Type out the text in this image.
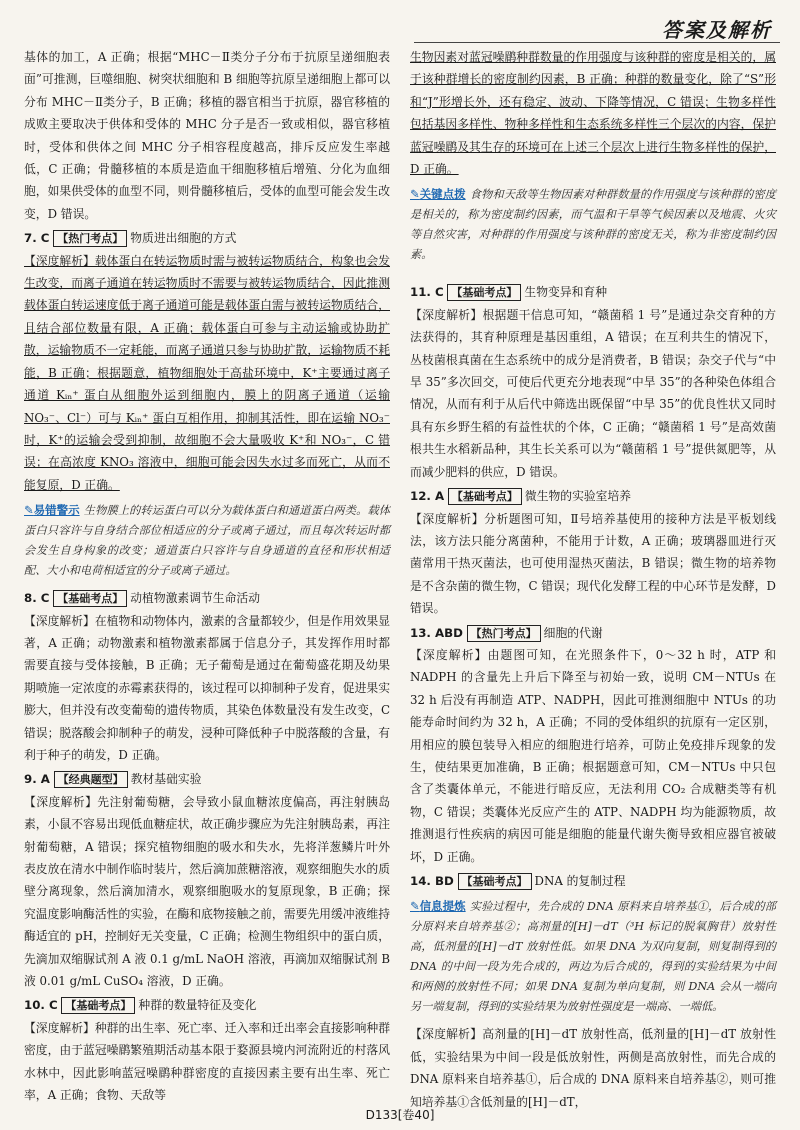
答案及解析

基体的加工，A 正确；根据“MHC－Ⅱ类分子分布于抗原呈递细胞表面”可推测，巨噬细胞、树突状细胞和 B 细胞等抗原呈递细胞上都可以分布 MHC－Ⅱ类分子，B 正确；移植的器官相当于抗原，器官移植的成败主要取决于供体和受体的 MHC 分子是否一致或相似，器官移植时，受体和供体之间 MHC 分子相容程度越高，排斥反应发生率越低，C 正确；骨髓移植的本质是造血干细胞移植后增殖、分化为血细胞，如果供受体的血型不同，则骨髓移植后，受体的血型可能会发生改变，D 错误。

7. C 【热门考点】 物质进出细胞的方式

【深度解析】载体蛋白在转运物质时需与被转运物质结合，构象也会发生改变，而离子通道在转运物质时不需要与被转运物质结合，因此推测载体蛋白转运速度低于离子通道可能是载体蛋白需与被转运物质结合，且结合部位数量有限，A 正确；载体蛋白可参与主动运输或协助扩散，运输物质不一定耗能，而离子通道只参与协助扩散，运输物质不耗能，B 正确；根据题意，植物细胞处于高盐环境中，K⁺主要通过离子通道 Kᵢₙ⁺ 蛋白从细胞外运到细胞内，膜上的阴离子通道（运输 NO₃⁻、Cl⁻）可与 Kᵢₙ⁺ 蛋白互相作用，抑制其活性，即在运输 NO₃⁻ 时，K⁺的运输会受到抑制，故细胞不会大量吸收 K⁺和 NO₃⁻，C 错误；在高浓度 KNO₃ 溶液中，细胞可能会因失水过多而死亡，从而不能复原，D 正确。

✎易错警示 生物膜上的转运蛋白可以分为载体蛋白和通道蛋白两类。载体蛋白只容许与自身结合部位相适应的分子或离子通过，而且每次转运时都会发生自身构象的改变；通道蛋白只容许与自身通道的直径和形状相适配、大小和电荷相适宜的分子或离子通过。

8. C 【基础考点】 动植物激素调节生命活动

【深度解析】在植物和动物体内，激素的含量都较少，但是作用效果显著，A 正确；动物激素和植物激素都属于信息分子，其发挥作用时都需要直接与受体接触，B 正确；无子葡萄是通过在葡萄盛花期及幼果期喷施一定浓度的赤霉素获得的，该过程可以抑制种子发育，促进果实膨大，但并没有改变葡萄的遗传物质，其染色体数量没有发生改变，C 错误；脱落酸会抑制种子的萌发，浸种可降低种子中脱落酸的含量，有利于种子的萌发，D 正确。

9. A 【经典题型】 教材基础实验

【深度解析】先注射葡萄糖，会导致小鼠血糖浓度偏高，再注射胰岛素，小鼠不容易出现低血糖症状，故正确步骤应为先注射胰岛素，再注射葡萄糖，A 错误；探究植物细胞的吸水和失水，先将洋葱鳞片叶外表皮放在清水中制作临时装片，然后滴加蔗糖溶液，观察细胞失水的质壁分离现象，然后滴加清水，观察细胞吸水的复原现象，B 正确；探究温度影响酶活性的实验，在酶和底物接触之前，需要先用缓冲液维持酶适宜的 pH，控制好无关变量，C 正确；检测生物组织中的蛋白质，先滴加双缩脲试剂 A 液 0.1 g/mL NaOH 溶液，再滴加双缩脲试剂 B 液 0.01 g/mL CuSO₄ 溶液，D 正确。

10. C 【基础考点】 种群的数量特征及变化

【深度解析】种群的出生率、死亡率、迁入率和迁出率会直接影响种群密度，由于蓝冠噪鹛繁殖期活动基本限于婺源县境内河流附近的村落风水林中，因此影响蓝冠噪鹛种群密度的直接因素主要有出生率、死亡率，A 正确；食物、天敌等

生物因素对蓝冠噪鹛种群数量的作用强度与该种群的密度是相关的，属于该种群增长的密度制约因素，B 正确；种群的数量变化，除了“S”形和“J”形增长外，还有稳定、波动、下降等情况，C 错误；生物多样性包括基因多样性、物种多样性和生态系统多样性三个层次的内容，保护蓝冠噪鹛及其生存的环境可在上述三个层次上进行生物多样性的保护，D 正确。

✎关键点拨 食物和天敌等生物因素对种群数量的作用强度与该种群的密度是相关的，称为密度制约因素，而气温和干旱等气候因素以及地震、火灾等自然灾害，对种群的作用强度与该种群的密度无关，称为非密度制约因素。

11. C 【基础考点】 生物变异和育种

【深度解析】根据题干信息可知，“赣菌稻 1 号”是通过杂交育种的方法获得的，其育种原理是基因重组，A 错误；在互利共生的情况下，丛枝菌根真菌在生态系统中的成分是消费者，B 错误；杂交子代与“中旱 35”多次回交，可使后代更充分地表现“中旱 35”的各种染色体组合情况，从而有利于从后代中筛选出既保留“中旱 35”的优良性状又同时具有东乡野生稻的有益性状的个体，C 正确；“赣菌稻 1 号”是高效菌根共生水稻新品种，其生长关系可以为“赣菌稻 1 号”提供氮肥等，从而减少肥料的供应，D 错误。

12. A 【基础考点】 微生物的实验室培养

【深度解析】分析题图可知，Ⅱ号培养基使用的接种方法是平板划线法，该方法只能分离菌种，不能用于计数，A 正确；玻璃器皿进行灭菌常用干热灭菌法，也可使用湿热灭菌法，B 错误；微生物的培养物是不含杂菌的微生物，C 错误；现代化发酵工程的中心环节是发酵，D 错误。

13. ABD 【热门考点】 细胞的代谢

【深度解析】由题图可知，在光照条件下，0～32 h 时，ATP 和 NADPH 的含量先上升后下降至与初始一致，说明 CM－NTUs 在 32 h 后没有再制造 ATP、NADPH，因此可推测细胞中 NTUs 的功能寿命时间约为 32 h，A 正确；不同的受体组织的抗原有一定区别，用相应的膜包装导入相应的细胞进行培养，可防止免疫排斥现象的发生，使结果更加准确，B 正确；根据题意可知，CM－NTUs 中只包含了类囊体单元，不能进行暗反应，无法利用 CO₂ 合成糖类等有机物，C 错误；类囊体光反应产生的 ATP、NADPH 均为能源物质，故推测退行性疾病的病因可能是细胞的能量代谢失衡导致相应器官被破坏，D 正确。

14. BD 【基础考点】 DNA 的复制过程

✎信息提炼 实验过程中，先合成的 DNA 原料来自培养基①，后合成的部分原料来自培养基②；高剂量的[H]－dT（³H 标记的脱氧胸苷）放射性高，低剂量的[H]－dT 放射性低。如果 DNA 为双向复制，则复制得到的 DNA 的中间一段为先合成的，两边为后合成的，得到的实验结果为中间和两侧的放射性不同；如果 DNA 复制为单向复制，则 DNA 会从一端向另一端复制，得到的实验结果为放射性强度是一端高、一端低。

【深度解析】高剂量的[H]－dT 放射性高，低剂量的[H]－dT 放射性低，实验结果为中间一段是低放射性，两侧是高放射性，而先合成的 DNA 原料来自培养基①，后合成的 DNA 原料来自培养基②，则可推知培养基①含低剂量的[H]－dT，

D133[卷40]
